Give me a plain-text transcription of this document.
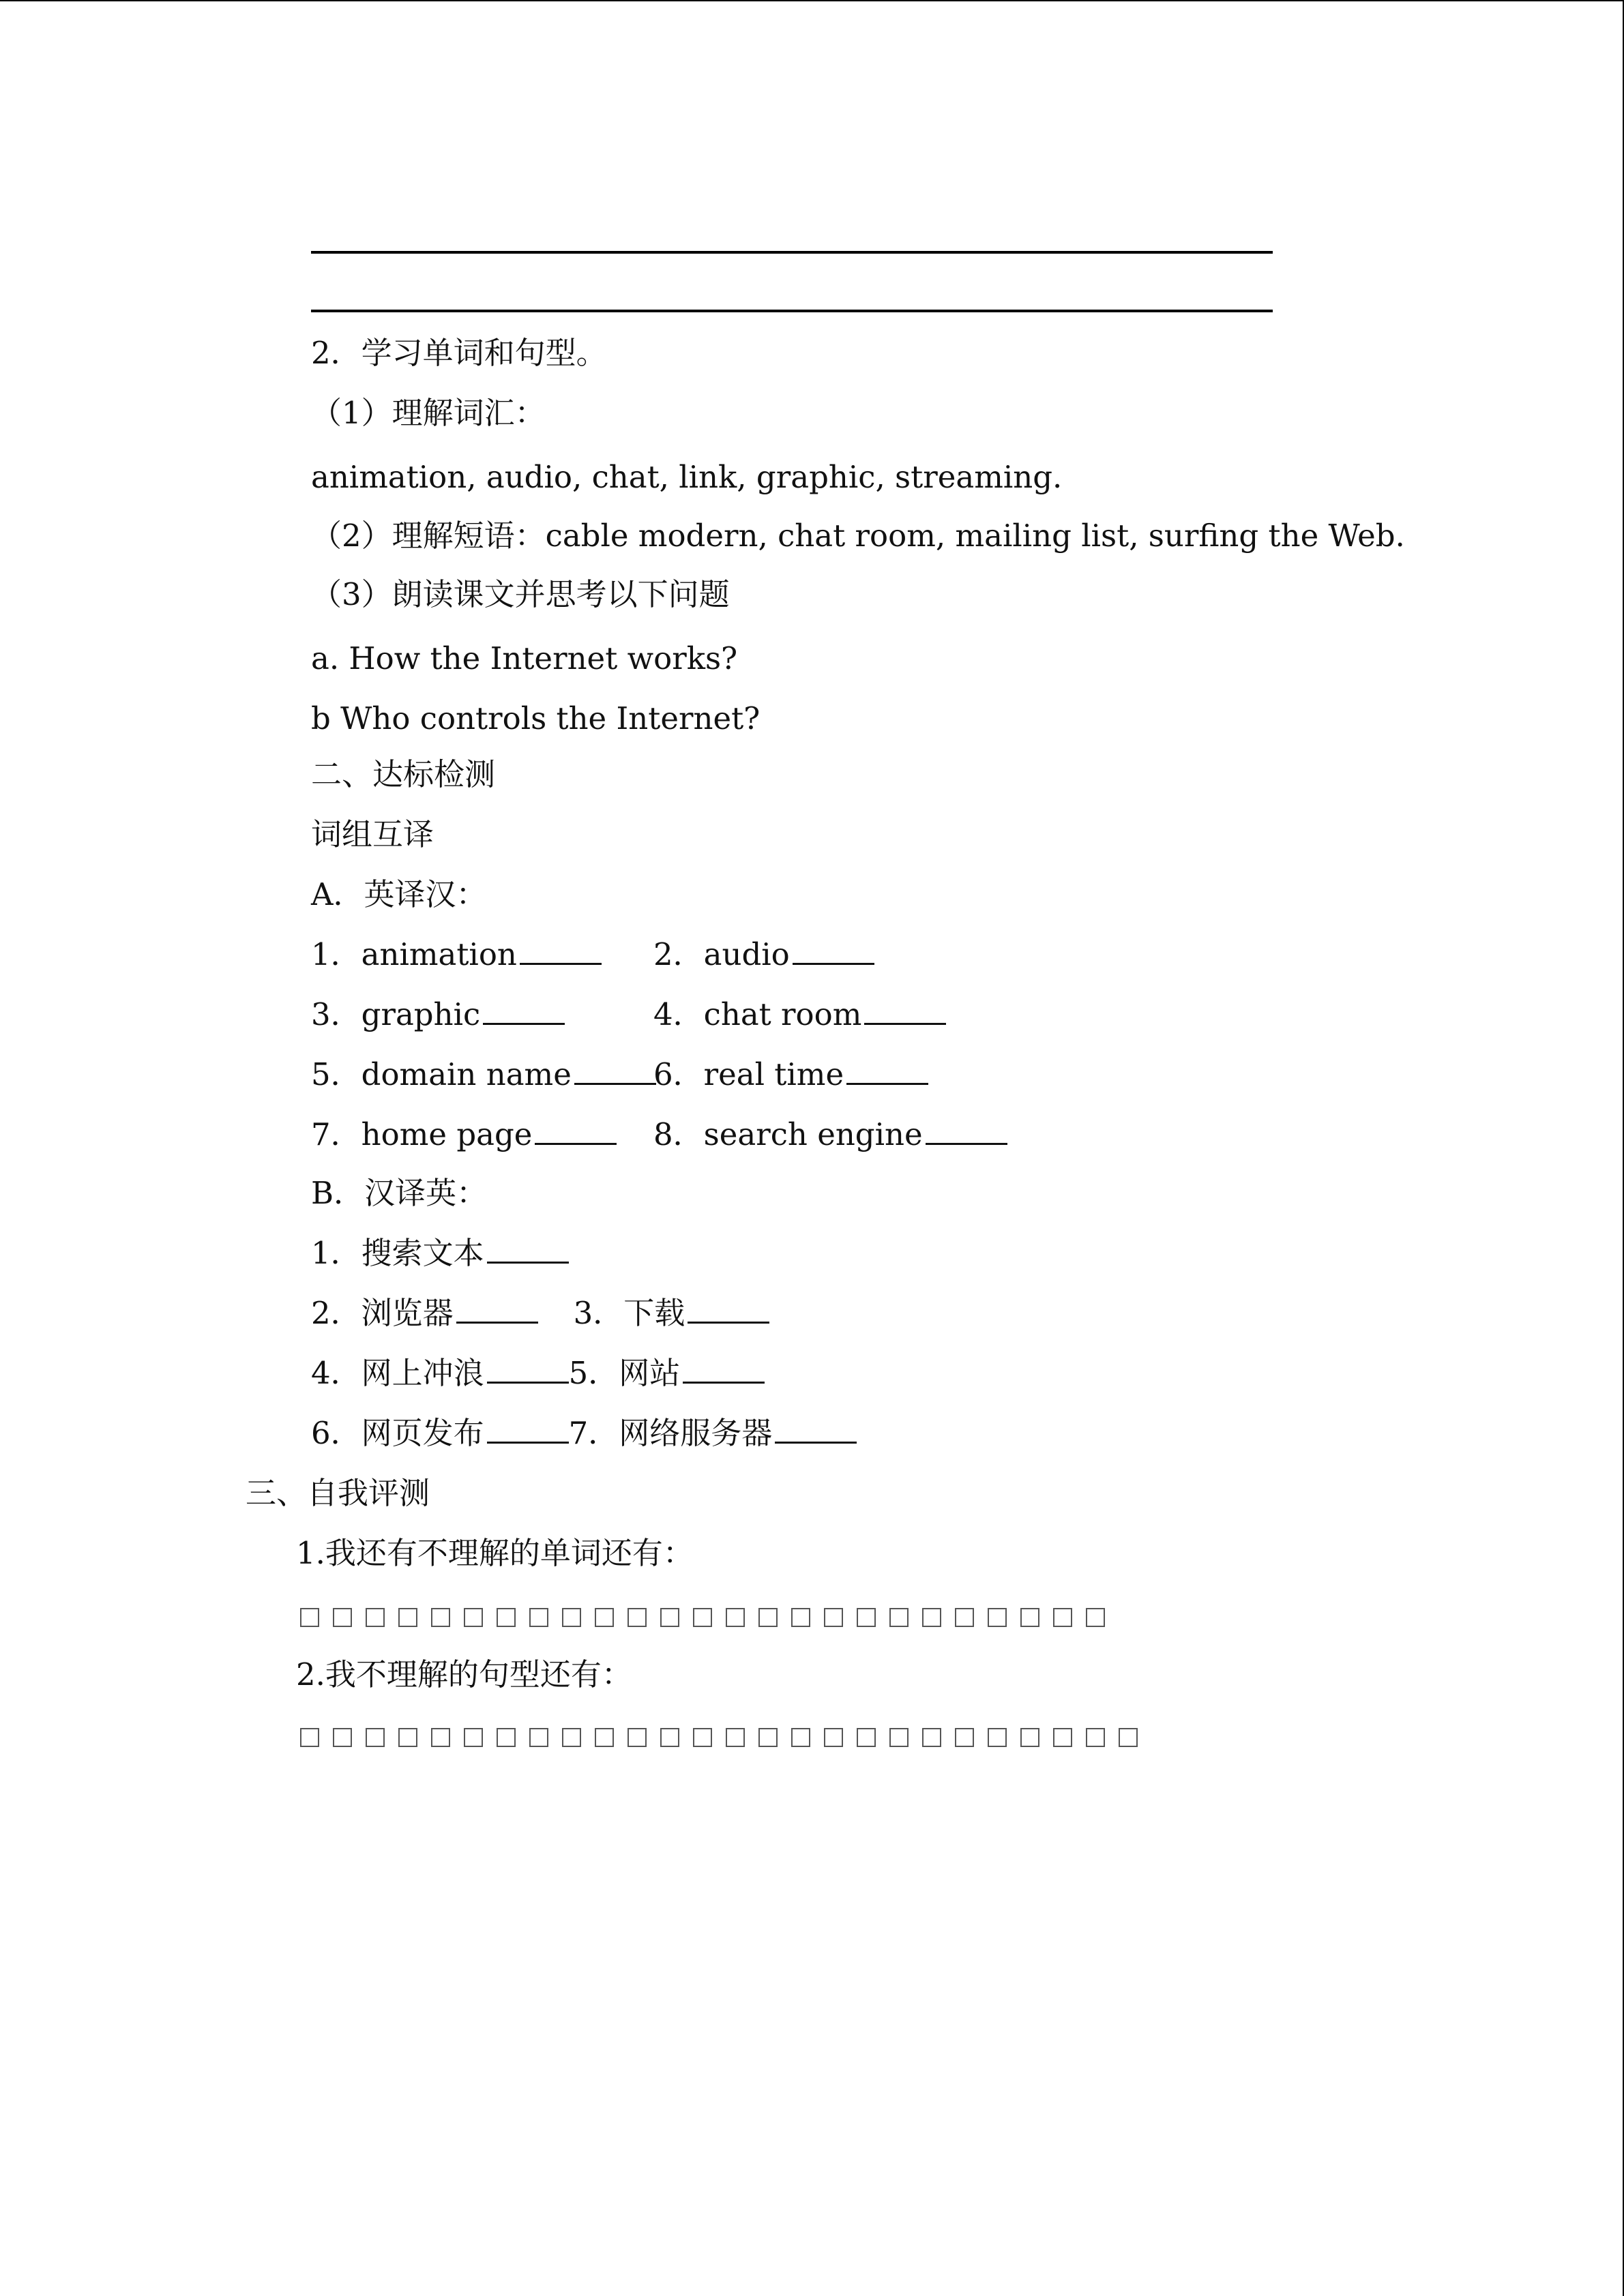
2．学习单词和句型。

（1）理解词汇：

animation, audio, chat, link, graphic, streaming.

（2）理解短语：cable modern, chat room, mailing list, surfing the Web.

（3）朗读课文并思考以下问题

a. How the Internet works?

b Who controls the Internet?

二、达标检测

词组互译

A．英译汉：

1．animation	2．audio

3．graphic	4．chat room

5．domain name	6．real time

7．home page	8．search engine

B．汉译英：

1．搜索文本

2．浏览器	3．下载

4．网上冲浪	5．网站

6．网页发布	7．网络服务器

三、自我评测

1.我还有不理解的单词还有：

2.我不理解的句型还有：
